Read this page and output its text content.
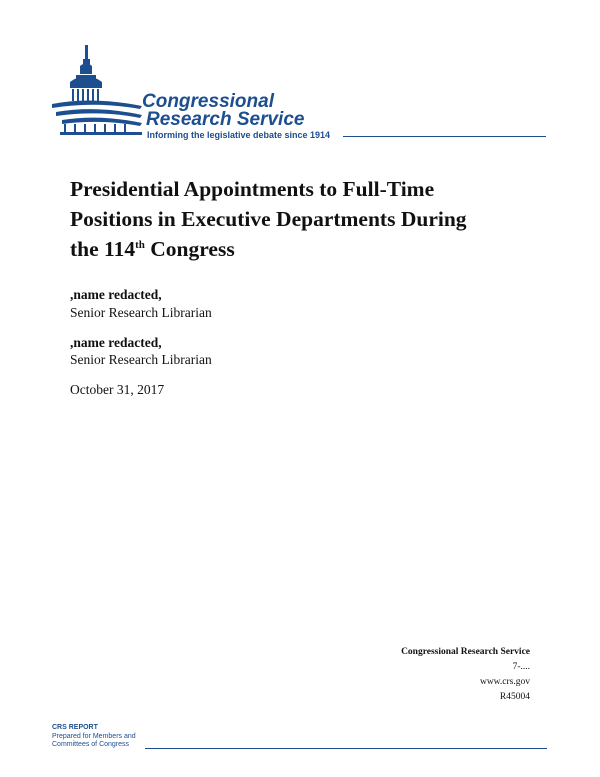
Congressional
Research Service
Informing the legislative debate since 1914
Presidential Appointments to Full-Time
Positions in Executive Departments During
the 114th Congress
,name redacted,
Senior Research Librarian
,name redacted,
Senior Research Librarian
October 31, 2017
Congressional Research Service
7-....
www.crs.gov
R45004
CRS REPORT
Prepared for Members and
Committees of Congress
